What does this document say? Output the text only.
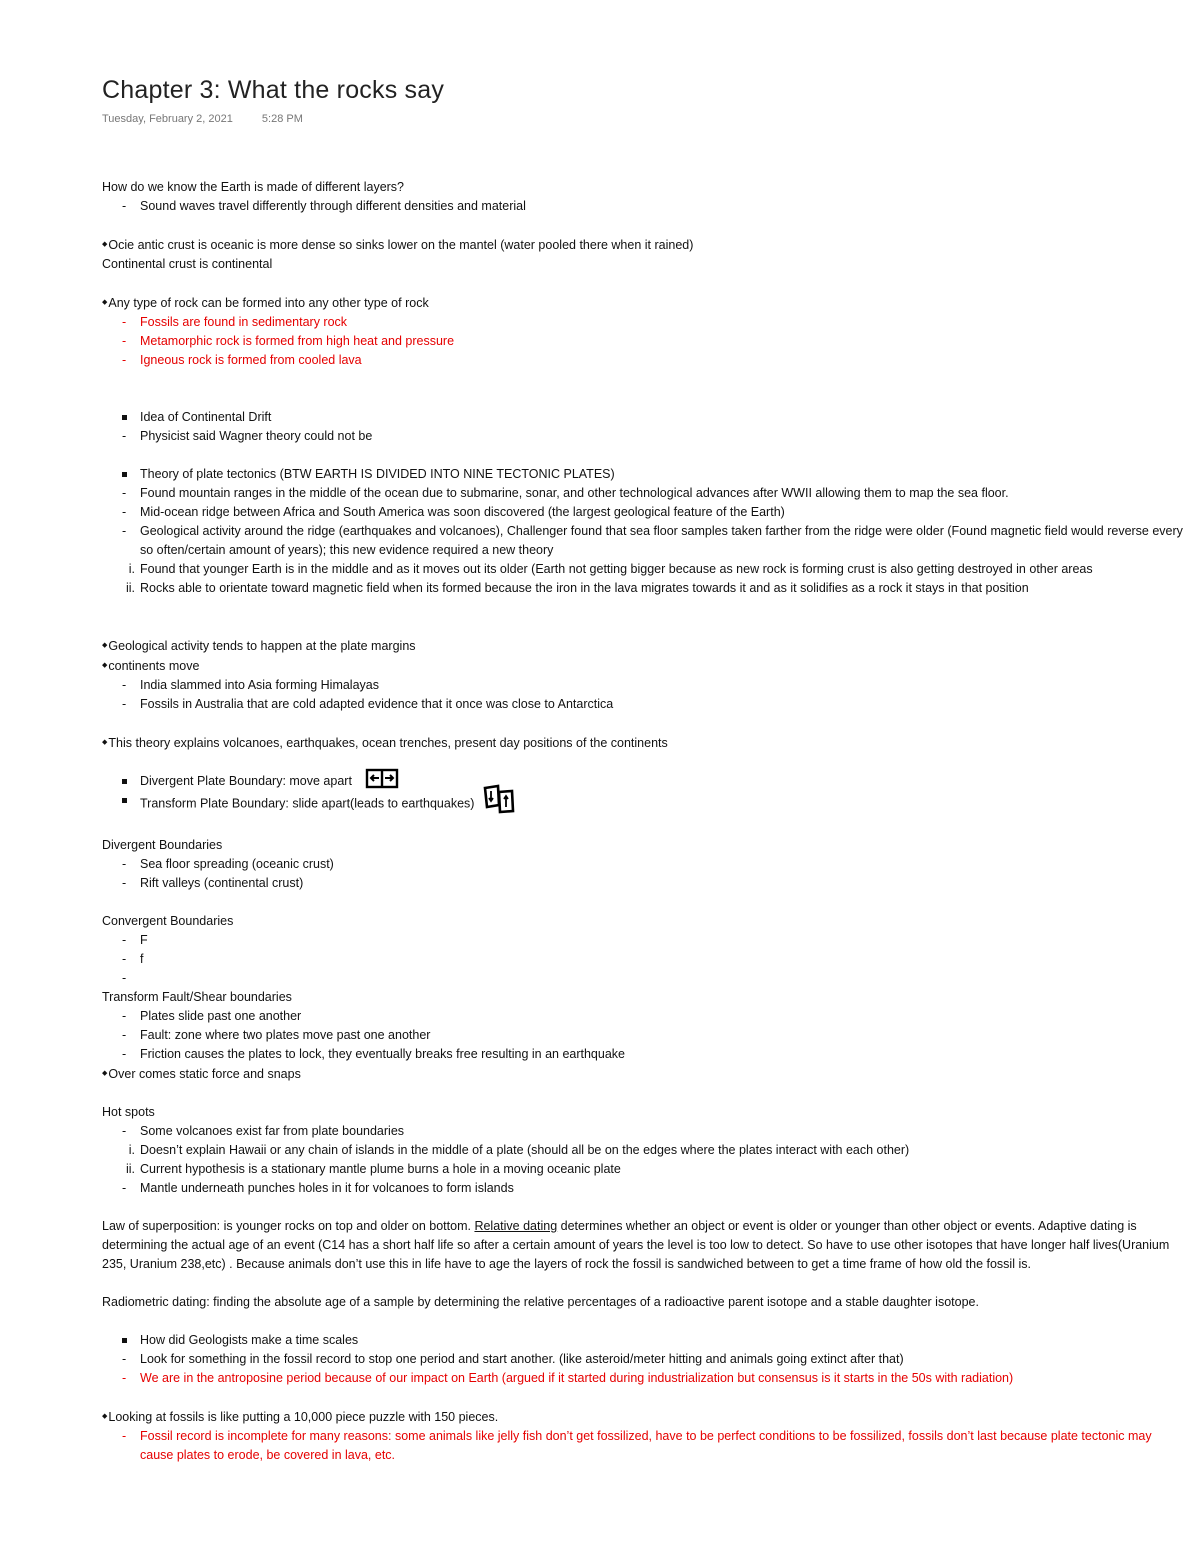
Chapter 3: What the rocks say
Tuesday, February 2, 2021	5:28 PM
How do we know the Earth is made of different layers?
- Sound waves travel differently through different densities and material
◆Ocie antic crust is oceanic is more dense so sinks lower on the mantel (water pooled there when it rained)
Continental crust is continental
◆Any type of rock can be formed into any other type of rock
- Fossils are found in sedimentary rock
- Metamorphic rock is formed from high heat and pressure
- Igneous rock is formed from cooled lava
Idea of Continental Drift
- Physicist said Wagner theory could not be
Theory of plate tectonics (BTW EARTH IS DIVIDED INTO NINE TECTONIC PLATES)
- Found mountain ranges in the middle of the ocean due to submarine, sonar, and other technological advances after WWII allowing them to map the sea floor.
- Mid-ocean ridge between Africa and South America was soon discovered (the largest geological feature of the Earth)
- Geological activity around the ridge (earthquakes and volcanoes), Challenger found that sea floor samples taken farther from the ridge were older (Found magnetic field would reverse every so often/certain amount of years); this new evidence required a new theory
i. Found that younger Earth is in the middle and as it moves out its older (Earth not getting bigger because as new rock is forming crust is also getting destroyed in other areas
ii. Rocks able to orientate toward magnetic field when its formed because the iron in the lava migrates towards it and as it solidifies as a rock it stays in that position
◆Geological activity tends to happen at the plate margins
◆continents move
- India slammed into Asia forming Himalayas
- Fossils in Australia that are cold adapted evidence that it once was close to Antarctica
◆This theory explains volcanoes, earthquakes, ocean trenches, present day positions of the continents
Divergent Plate Boundary: move apart
Transform Plate Boundary: slide apart(leads to earthquakes)
Divergent Boundaries
- Sea floor spreading (oceanic crust)
- Rift valleys (continental crust)
Convergent Boundaries
- F
- f
-
Transform Fault/Shear boundaries
- Plates slide past one another
- Fault: zone where two plates move past one another
- Friction causes the plates to lock, they eventually breaks free resulting in an earthquake
◆Over comes static force and snaps
Hot spots
- Some volcanoes exist far from plate boundaries
i. Doesn’t explain Hawaii or any chain of islands in the middle of a plate (should all be on the edges where the plates interact with each other)
ii. Current hypothesis is a stationary mantle plume burns a hole in a moving oceanic plate
- Mantle underneath punches holes in it for volcanoes to form islands
Law of superposition: is younger rocks on top and older on bottom. Relative dating determines whether an object or event is older or younger than other object or events. Adaptive dating is determining the actual age of an event (C14 has a short half life so after a certain amount of years the level is too low to detect. So have to use other isotopes that have longer half lives(Uranium 235, Uranium 238,etc) . Because animals don’t use this in life have to age the layers of rock the fossil is sandwiched between to get a time frame of how old the fossil is.
Radiometric dating: finding the absolute age of a sample by determining the relative percentages of a radioactive parent isotope and a stable daughter isotope.
How did Geologists make a time scales
- Look for something in the fossil record to stop one period and start another. (like asteroid/meter hitting and animals going extinct after that)
- We are in the antroposine period because of our impact on Earth (argued if it started during industrialization but consensus is it starts in the 50s with radiation)
◆Looking at fossils is like putting a 10,000 piece puzzle with 150 pieces.
- Fossil record is incomplete for many reasons: some animals like jelly fish don’t get fossilized, have to be perfect conditions to be fossilized, fossils don’t last because plate tectonic may cause plates to erode, be covered in lava, etc.
